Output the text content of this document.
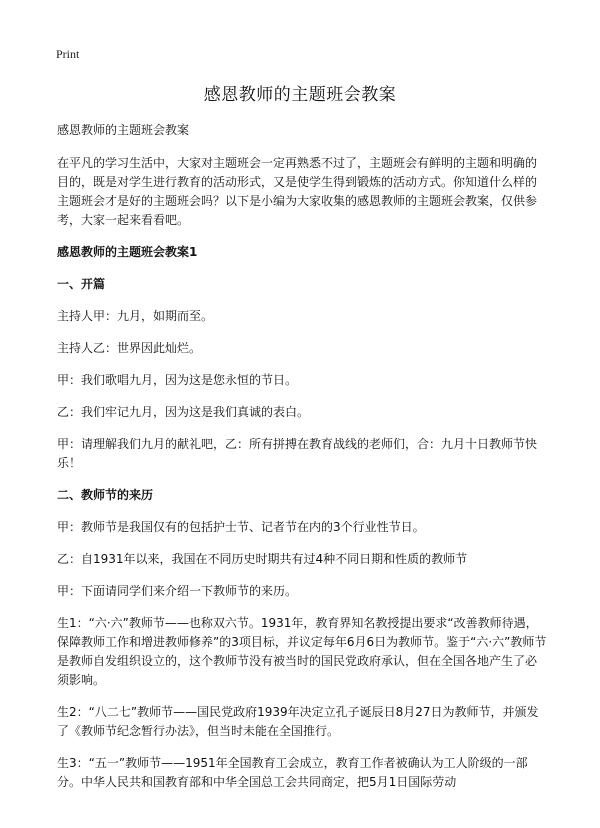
Print
感恩教师的主题班会教案

感恩教师的主题班会教案

在平凡的学习生活中，大家对主题班会一定再熟悉不过了，主题班会有鲜明的主题和明确的目的，既是对学生进行教育的活动形式，又是使学生得到锻炼的活动方式。你知道什么样的主题班会才是好的主题班会吗？以下是小编为大家收集的感恩教师的主题班会教案，仅供参考，大家一起来看看吧。

感恩教师的主题班会教案1
一、开篇

主持人甲：九月，如期而至。

主持人乙：世界因此灿烂。

甲：我们歌唱九月，因为这是您永恒的节日。

乙：我们牢记九月，因为这是我们真诚的表白。

甲：请理解我们九月的献礼吧，乙：所有拼搏在教育战线的老师们，合：九月十日教师节快乐！

二、教师节的来历

甲：教师节是我国仅有的包括护士节、记者节在内的3个行业性节日。

乙：自1931年以来，我国在不同历史时期共有过4种不同日期和性质的教师节

甲：下面请同学们来介绍一下教师节的来历。

生1：“六·六”教师节——也称双六节。1931年，教育界知名教授提出要求“改善教师待遇，保障教师工作和增进教师修养”的3项目标，并议定每年6月6日为教师节。鉴于“六·六”教师节是教师自发组织设立的，这个教师节没有被当时的国民党政府承认，但在全国各地产生了必须影响。

生2：“八二七”教师节——国民党政府1939年决定立孔子诞辰日8月27日为教师节，并颁发了《教师节纪念暂行办法》，但当时未能在全国推行。

生3：“五一”教师节——1951年全国教育工会成立，教育工作者被确认为工人阶级的一部分。中华人民共和国教育部和中华全国总工会共同商定，把5月1日国际劳动
